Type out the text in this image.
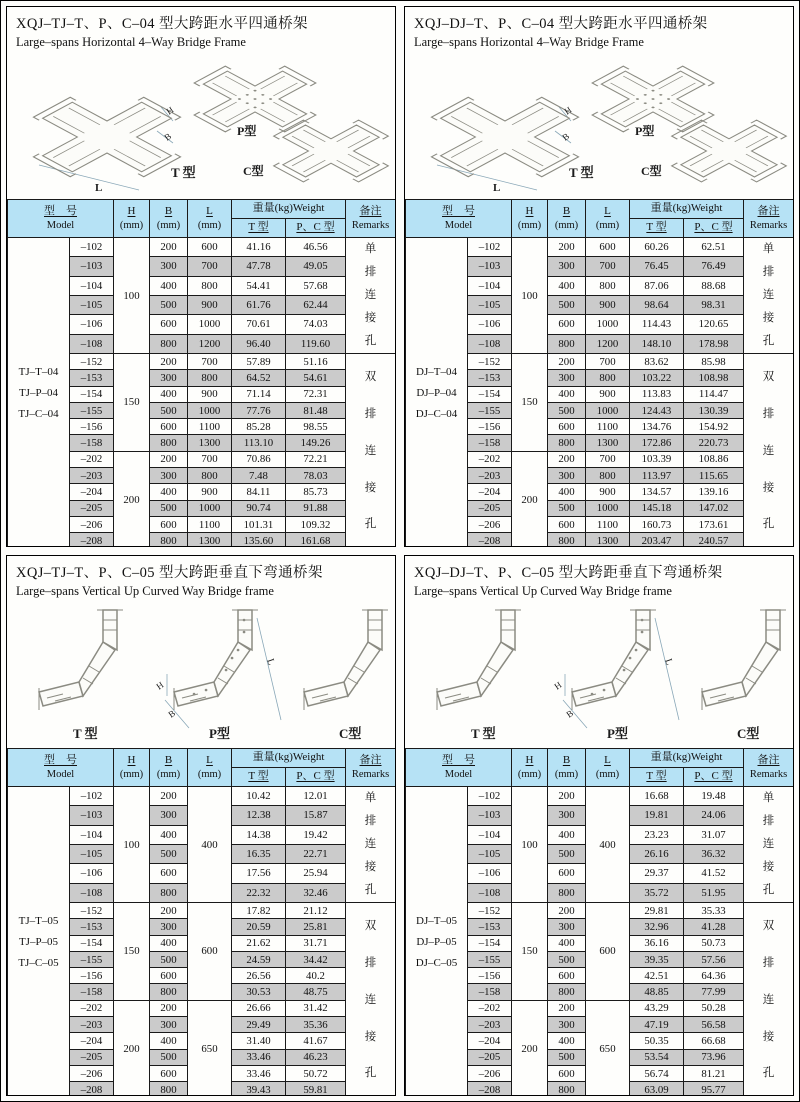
XQJ–TJ–T、P、C–04 型大跨距水平四通桥架
Large–spans Horizontal 4–Way Bridge Frame
T 型
P型
C型
L
H
B
型　号
Model

H
(mm)

B
(mm)

L
(mm)
	重量(kg)Weight	备注
Remarks

					T 型	P、C 型	

TJ–T–04
TJ–P–04
TJ–C–04	–102	100	200	600	41.16	46.56	单排连接孔

	–103		300	700	47.78	49.05	
	–104		400	800	54.41	57.68	
	–105		500	900	61.76	62.44	
	–106		600	1000	70.61	74.03	
	–108		800	1200	96.40	119.60	
	–152	150	200	700	57.89	51.16	双排连接孔

	–153		300	800	64.52	54.61	
	–154		400	900	71.14	72.31	
	–155		500	1000	77.76	81.48	
	–156		600	1100	85.28	98.55	
	–158		800	1300	113.10	149.26	
	–202	200	200	700	70.86	72.21	
	–203		300	800	7.48	78.03	
	–204		400	900	84.11	85.73	
	–205		500	1000	90.74	91.88	
	–206		600	1100	101.31	109.32	
	–208		800	1300	135.60	161.68	
XQJ–DJ–T、P、C–04 型大跨距水平四通桥架
Large–spans Horizontal 4–Way Bridge Frame
T 型
P型
C型
L
H
B
型　号
Model

H
(mm)

B
(mm)

L
(mm)
	重量(kg)Weight	备注
Remarks

					T 型	P、C 型	

DJ–T–04
DJ–P–04
DJ–C–04	–102	100	200	600	60.26	62.51	单排连接孔

	–103		300	700	76.45	76.49	
	–104		400	800	87.06	88.68	
	–105		500	900	98.64	98.31	
	–106		600	1000	114.43	120.65	
	–108		800	1200	148.10	178.98	
	–152	150	200	700	83.62	85.98	双排连接孔

	–153		300	800	103.22	108.98	
	–154		400	900	113.83	114.47	
	–155		500	1000	124.43	130.39	
	–156		600	1100	134.76	154.92	
	–158		800	1300	172.86	220.73	
	–202	200	200	700	103.39	108.86	
	–203		300	800	113.97	115.65	
	–204		400	900	134.57	139.16	
	–205		500	1000	145.18	147.02	
	–206		600	1100	160.73	173.61	
	–208		800	1300	203.47	240.57	
XQJ–TJ–T、P、C–05 型大跨距垂直下弯通桥架
Large–spans Vertical Up Curved Way Bridge frame
T 型	P型	C型
H
B
L
型　号
Model

H
(mm)

B
(mm)

L
(mm)
	重量(kg)Weight	备注
Remarks

					T 型	P、C 型	

TJ–T–05
TJ–P–05
TJ–C–05	–102	100	200	400	10.42	12.01	单排连接孔

	–103		300		12.38	15.87	
	–104		400		14.38	19.42	
	–105		500		16.35	22.71	
	–106		600		17.56	25.94	
	–108		800		22.32	32.46	
	–152	150	200	600	17.82	21.12	双排连接孔

	–153		300		20.59	25.81	
	–154		400		21.62	31.71	
	–155		500		24.59	34.42	
	–156		600		26.56	40.2	
	–158		800		30.53	48.75	
	–202	200	200	650	26.66	31.42	
	–203		300		29.49	35.36	
	–204		400		31.40	41.67	
	–205		500		33.46	46.23	
	–206		600		33.46	50.72	
	–208		800		39.43	59.81	
XQJ–DJ–T、P、C–05 型大跨距垂直下弯通桥架
Large–spans Vertical Up Curved Way Bridge frame
T 型	P型	C型
H
B
L
型　号
Model

H
(mm)

B
(mm)

L
(mm)
	重量(kg)Weight	备注
Remarks

					T 型	P、C 型	

DJ–T–05
DJ–P–05
DJ–C–05	–102	100	200	400	16.68	19.48	单排连接孔

	–103		300		19.81	24.06	
	–104		400		23.23	31.07	
	–105		500		26.16	36.32	
	–106		600		29.37	41.52	
	–108		800		35.72	51.95	
	–152	150	200	600	29.81	35.33	双排连接孔

	–153		300		32.96	41.28	
	–154		400		36.16	50.73	
	–155		500		39.35	57.56	
	–156		600		42.51	64.36	
	–158		800		48.85	77.99	
	–202	200	200	650	43.29	50.28	
	–203		300		47.19	56.58	
	–204		400		50.35	66.68	
	–205		500		53.54	73.96	
	–206		600		56.74	81.21	
	–208		800		63.09	95.77	
